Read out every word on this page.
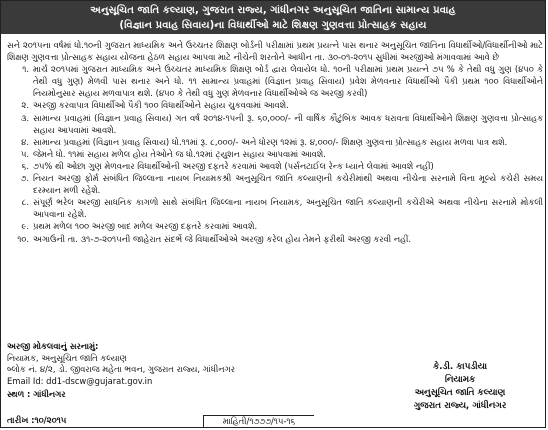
અનુસૂચિત જાતિ કલ્યાણ, ગુજરાત રાજ્ય, ગાંધીનગર અનુસૂચિત જાતિના સામાન્ય પ્રવાહ
(વિજ્ઞાન પ્રવાહ સિવાય)ના વિધાર્થીઓ માટે શિક્ષણ ગુણવત્તા પ્રોત્સાહક સહાય
સને ૨૦૧૫ના વર્ષમાં ધો.૧૦ની ગુજરાત માધ્યમિક અને ઉચ્ચતર શિક્ષણ બોર્ડની પરીક્ષામાં પ્રથમ પ્રયત્ને પાસ થનાર અનુસૂચિત જાતિના વિધાર્થીઓ/વિધાર્થીનીઓ માટે શિક્ષણ ગુણવત્તા પ્રોત્સાહક સહાય યોજના હેઠળ સહાય આપવા માટે નીચેની શરતોને આધીન તા. ૩૦-૦૧-૨૦૧૫ સુધીમાં અરજીઓ મંગાવવામાં આવે છે
૧. માર્ચ ૨૦૧૫માં ગુજરાત માધ્યમિક અને ઉચ્ચતર માધ્યમિક શિક્ષણ બોર્ડ દ્વારા લેવાયેલ ધો. ૧૦ની પરીક્ષામાં પ્રથમ પ્રયત્ને ૭૫ % કે તેથી વધુ ગુણ (૪૫૦ કે તેથી વધુ ગુણ) મેળવી પાસ થનાર અને ધો. ૧૧ સામાન્ય પ્રવાહમાં (વિજ્ઞાન પ્રવાહ સિવાય) પ્રવેશ મેળવનાર વિધાર્થીઓ પૈકી પ્રથમ ૧૦૦ વિધાર્થીઓને નિયમોનુસાર સહાય મળવાપાત્ર થશે. (૪૫૦ કે તેથી વધુ ગુણ મેળવનાર વિધાર્થીઓએ જ અરજી કરવી)
૨. અરજી કરવાપાત્ર વિધાર્થીઓ પૈકી ૧૦૦ વિધાર્થીઓને સહાય ચુકવવામાં આવશે.
૩. સામાન્ય પ્રવાહમાં (વિજ્ઞાન પ્રવાહ સિવાય) ગત વર્ષ ૨૦૧૪-૧૫ની રૂ. ૬૦,૦૦૦/- ની વાર્ષિક કૌટુંબિક આવક ધરાવતા વિધાર્થીઓને શિક્ષણ ગુણવત્તા પ્રોત્સાહક સહાય આપવામાં આવશે.
૪. સામાન્ય પ્રવાહમાં (વિજ્ઞાન પ્રવાહ સિવાય) ધો.૧૧માં રૂ. ૮,૦૦૦/- અને ધોરણ ૧૨માં રૂ. ૪,૦૦૦/- શિક્ષણ ગુણવત્તા પ્રોત્સાહક સહાય મળવા પાત્ર થશે.
૫. જેમને ધો. ૧૧માં સહાય મળેલ હોય તેઓને જ ધો.૧૨માં ટ્યુશન સહાય આપવામાં આવશે.
૬. ૭૫% થી ઓછા ગુણ મેળવનાર વિધાર્થીઓની અરજી દફતરે કરવામાં આવશે (પર્સનટાઈલ રેન્ક ધ્યાને લેવામાં આવશે નહીં)
૭. નિયત અરજી ફોર્મ સંબંધિત જિલ્લાના નાયબ નિયામકશ્રી અનુસૂચિત જાતિ કલ્યાણની કચેરીમાંથી અથવા નીચેના સરનામે વિના મૂલ્યે કચેરી સમય દરમ્યાન મળી રહેશે.
૮. સંપૂર્ણ ભરેલ અરજી સાધનિક કાગળો સાથે સંબંધિત જિલ્લાના નાયબ નિયામક, અનુસૂચિત જાતિ કલ્યાણની કચેરીએ અથવા નીચેના સરનામે મોકલી આપવાના રહેશે.
૯. પ્રથમ મળેલ ૧૦૦ અરજી બાદ મળેલ અરજી દફતરે કરવામાં આવશે.
૧૦. અગાઉની તા. ૩૧-૭-૨૦૧૫ની જાહેરાત સંદર્ભે જે વિધાર્થીઓએ અરજી કરેલ હોય તેમને ફરીથી અરજી કરવી નહીં.
અરજી મોકલવાનું સરનામું:
નિયામક, અનુસૂચિત જાતિ કલ્યાણ
બ્લોક નં. ૪/૨, ડો. જીવરાજ મહેતા ભવન, ગુજરાત રાજ્ય, ગાંધીનગર
Email Id: dd1-dscw@gujarat.gov.in
સ્થળ : ગાંધીનગર
કે.ડી. કાપડીયા
નિયામક
અનુસૂચિત જાતિ કલ્યાણ
ગુજરાત રાજ્ય, ગાંધીનગર
તારીખ :૧૦/૨૦૧૫	માહિતી/૧૭૭૭/૧૫-૧૬
